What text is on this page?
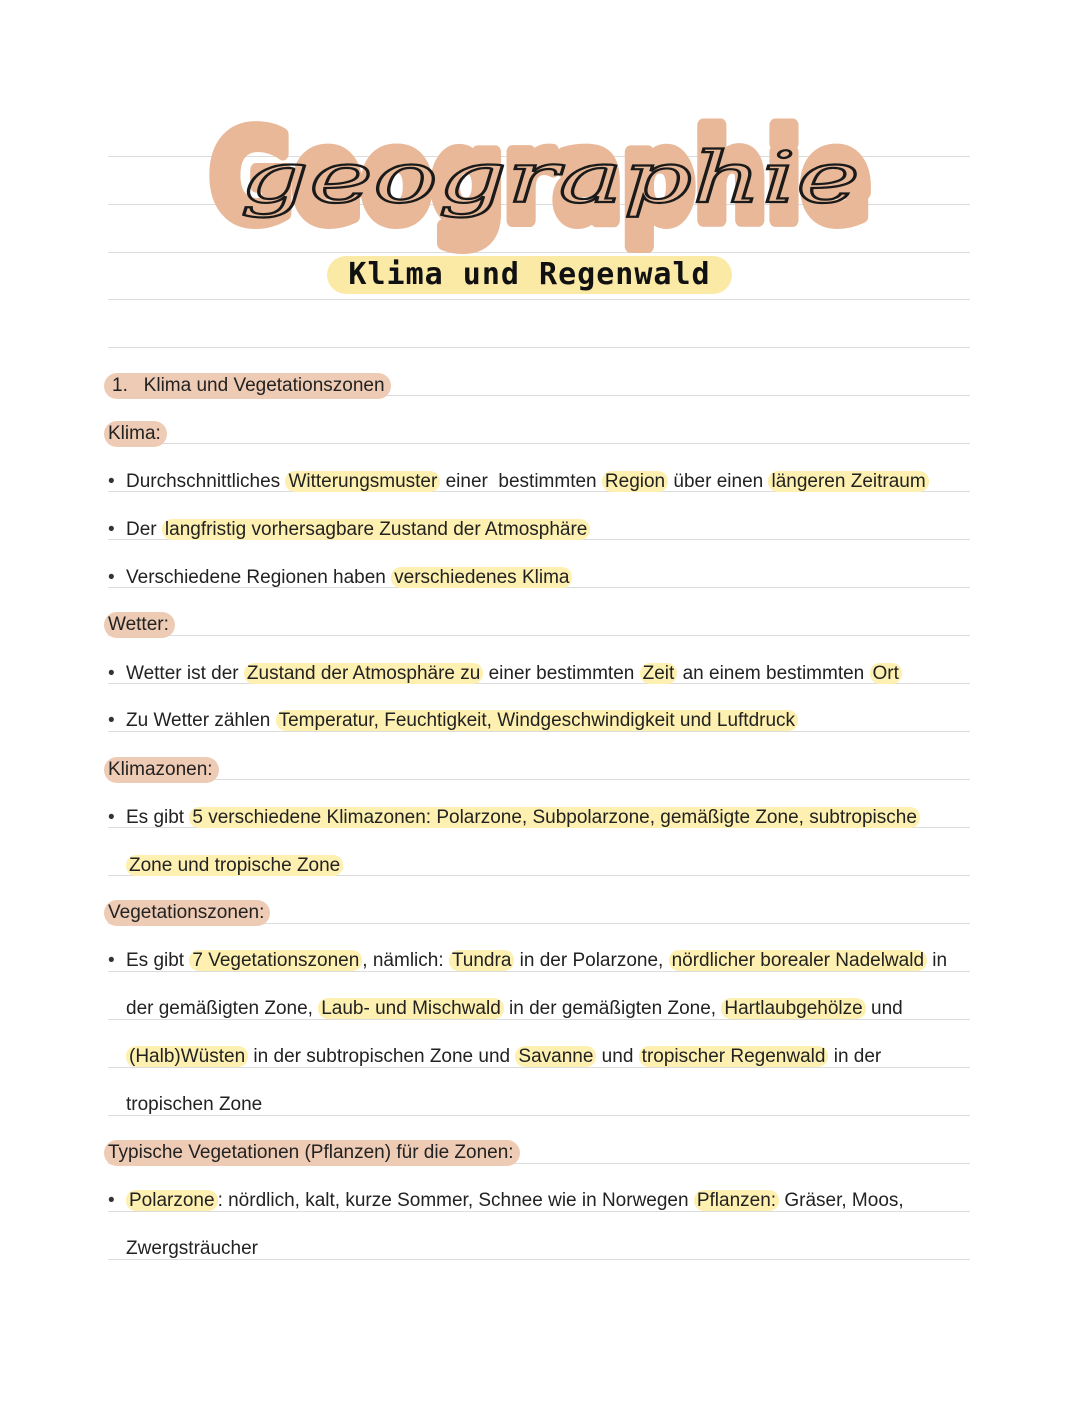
Geographie
geographie
Klima und Regenwald
1.   Klima und Vegetationszonen
Klima:
• Durchschnittliches Witterungsmuster einer  bestimmten Region über einen längeren Zeitraum
• Der langfristig vorhersagbare Zustand der Atmosphäre
• Verschiedene Regionen haben verschiedenes Klima
Wetter:
• Wetter ist der Zustand der Atmosphäre zu einer bestimmten Zeit an einem bestimmten Ort
• Zu Wetter zählen Temperatur, Feuchtigkeit, Windgeschwindigkeit und Luftdruck
Klimazonen:
• Es gibt 5 verschiedene Klimazonen: Polarzone, Subpolarzone, gemäßigte Zone, subtropische
Zone und tropische Zone
Vegetationszonen:
• Es gibt 7 Vegetationszonen , nämlich: Tundra in der Polarzone, nördlicher borealer Nadelwald in
der gemäßigten Zone, Laub- und Mischwald in der gemäßigten Zone, Hartlaubgehölze und
(Halb)Wüsten in der subtropischen Zone und Savanne und tropischer Regenwald in der
tropischen Zone
Typische Vegetationen (Pflanzen) für die Zonen:
• Polarzone : nördlich, kalt, kurze Sommer, Schnee wie in Norwegen Pflanzen: Gräser, Moos,
Zwergsträucher
